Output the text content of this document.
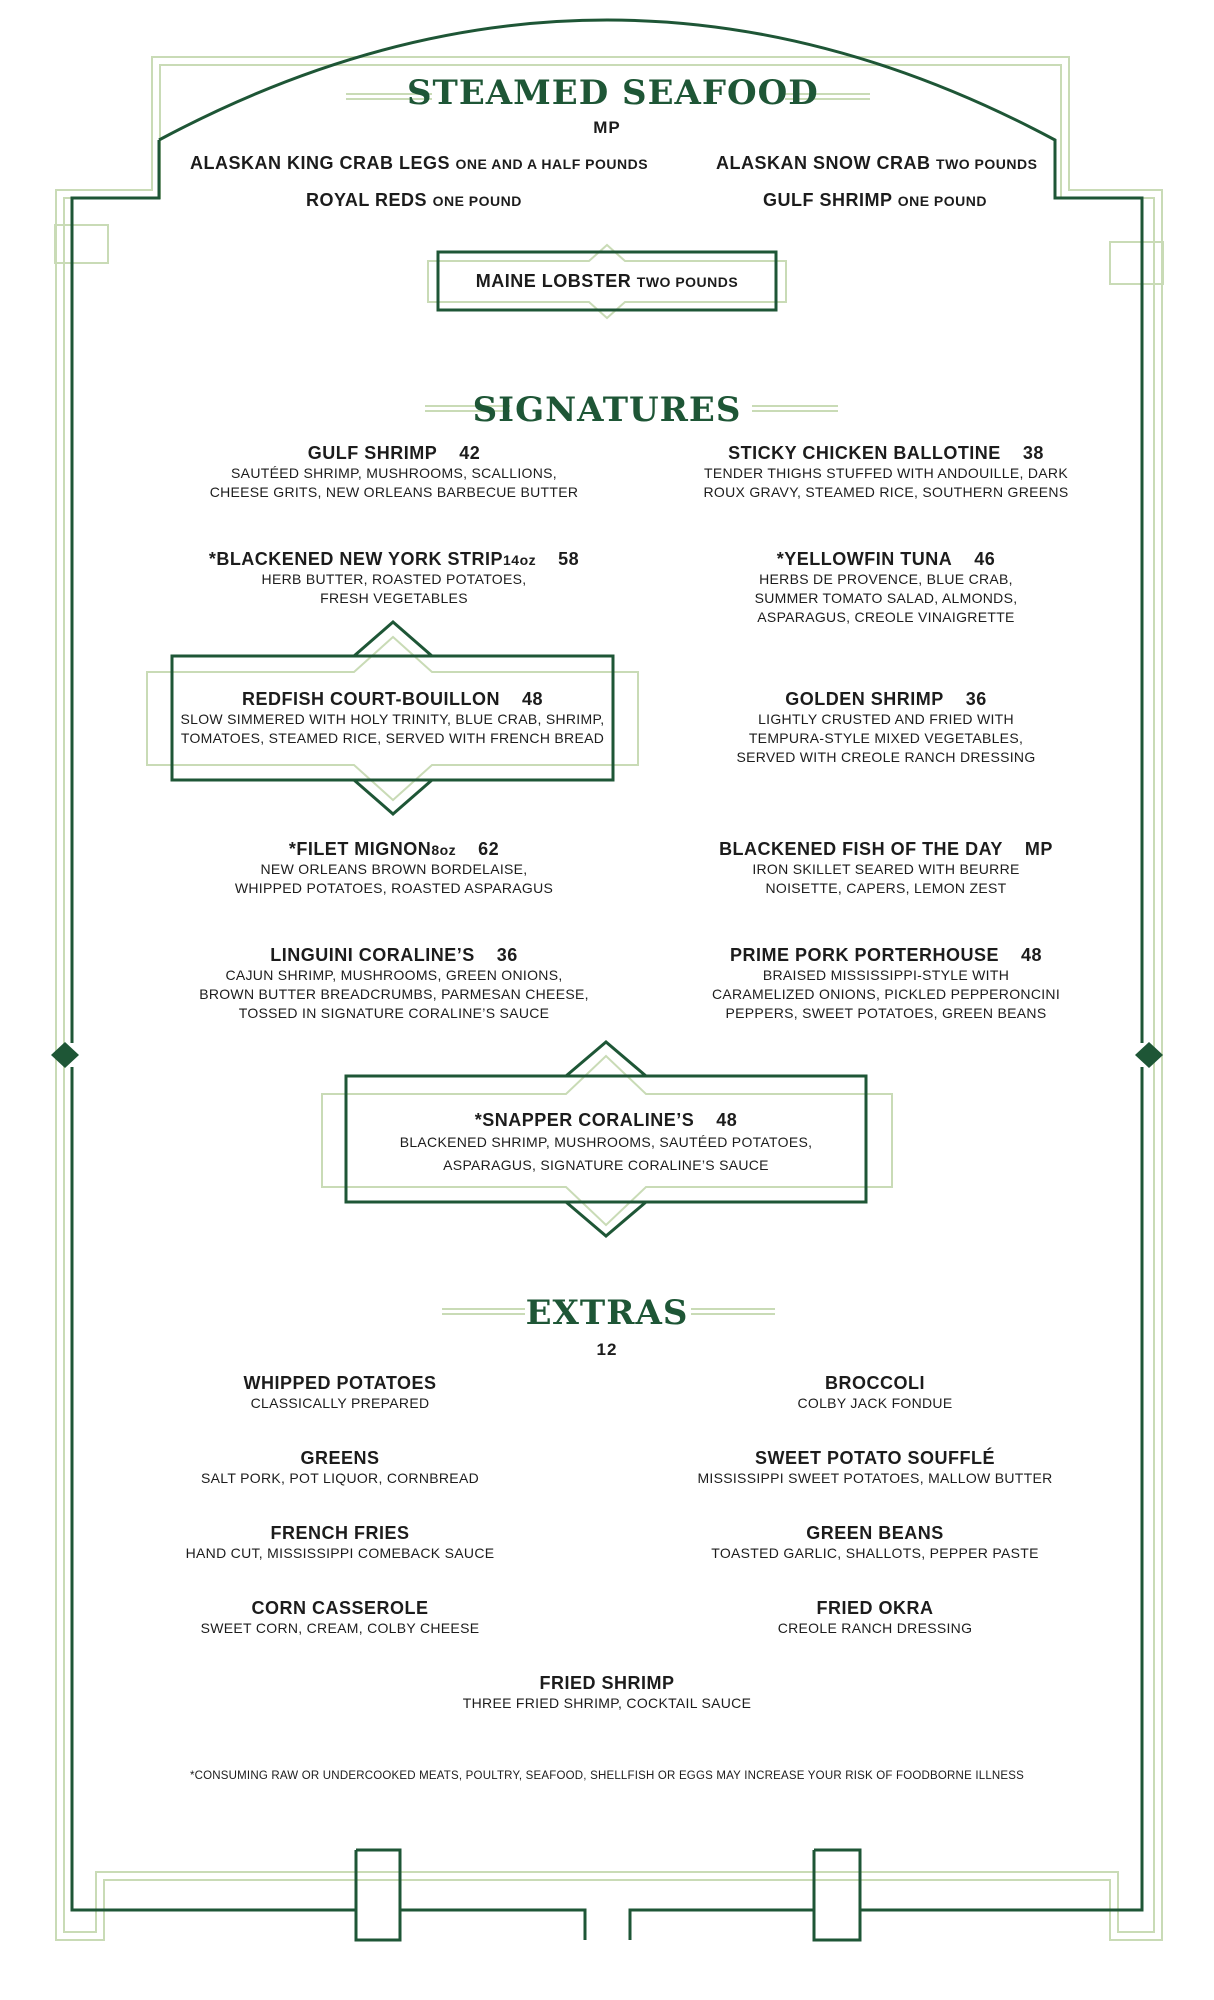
STEAMED SEAFOOD
MP
ALASKAN KING CRAB LEGS ONE AND A HALF POUNDS	ALASKAN SNOW CRAB TWO POUNDS
ROYAL REDS ONE POUND	GULF SHRIMP ONE POUND
MAINE LOBSTER TWO POUNDS
SIGNATURES
GULF SHRIMP 42
SAUTÉED SHRIMP, MUSHROOMS, SCALLIONS,
CHEESE GRITS, NEW ORLEANS BARBECUE BUTTER
STICKY CHICKEN BALLOTINE 38
TENDER THIGHS STUFFED WITH ANDOUILLE, DARK
ROUX GRAVY, STEAMED RICE, SOUTHERN GREENS
*BLACKENED NEW YORK STRIP14oz 58
HERB BUTTER, ROASTED POTATOES,
FRESH VEGETABLES
*YELLOWFIN TUNA 46
HERBS DE PROVENCE, BLUE CRAB,
SUMMER TOMATO SALAD, ALMONDS,
ASPARAGUS, CREOLE VINAIGRETTE
REDFISH COURT-BOUILLON 48
SLOW SIMMERED WITH HOLY TRINITY, BLUE CRAB, SHRIMP,
TOMATOES, STEAMED RICE, SERVED WITH FRENCH BREAD
GOLDEN SHRIMP 36
LIGHTLY CRUSTED AND FRIED WITH
TEMPURA-STYLE MIXED VEGETABLES,
SERVED WITH CREOLE RANCH DRESSING
*FILET MIGNON8oz 62
NEW ORLEANS BROWN BORDELAISE,
WHIPPED POTATOES, ROASTED ASPARAGUS
BLACKENED FISH OF THE DAY MP
IRON SKILLET SEARED WITH BEURRE
NOISETTE, CAPERS, LEMON ZEST
LINGUINI CORALINE’S 36
CAJUN SHRIMP, MUSHROOMS, GREEN ONIONS,
BROWN BUTTER BREADCRUMBS, PARMESAN CHEESE,
TOSSED IN SIGNATURE CORALINE’S SAUCE
PRIME PORK PORTERHOUSE 48
BRAISED MISSISSIPPI-STYLE WITH
CARAMELIZED ONIONS, PICKLED PEPPERONCINI
PEPPERS, SWEET POTATOES, GREEN BEANS
*SNAPPER CORALINE’S 48
BLACKENED SHRIMP, MUSHROOMS, SAUTÉED POTATOES,
ASPARAGUS, SIGNATURE CORALINE’S SAUCE
EXTRAS
12
WHIPPED POTATOES
CLASSICALLY PREPARED
BROCCOLI
COLBY JACK FONDUE
GREENS
SALT PORK, POT LIQUOR, CORNBREAD
SWEET POTATO SOUFFLÉ
MISSISSIPPI SWEET POTATOES, MALLOW BUTTER
FRENCH FRIES
HAND CUT, MISSISSIPPI COMEBACK SAUCE
GREEN BEANS
TOASTED GARLIC, SHALLOTS, PEPPER PASTE
CORN CASSEROLE
SWEET CORN, CREAM, COLBY CHEESE
FRIED OKRA
CREOLE RANCH DRESSING
FRIED SHRIMP
THREE FRIED SHRIMP, COCKTAIL SAUCE
*CONSUMING RAW OR UNDERCOOKED MEATS, POULTRY, SEAFOOD, SHELLFISH OR EGGS MAY INCREASE YOUR RISK OF FOODBORNE ILLNESS
